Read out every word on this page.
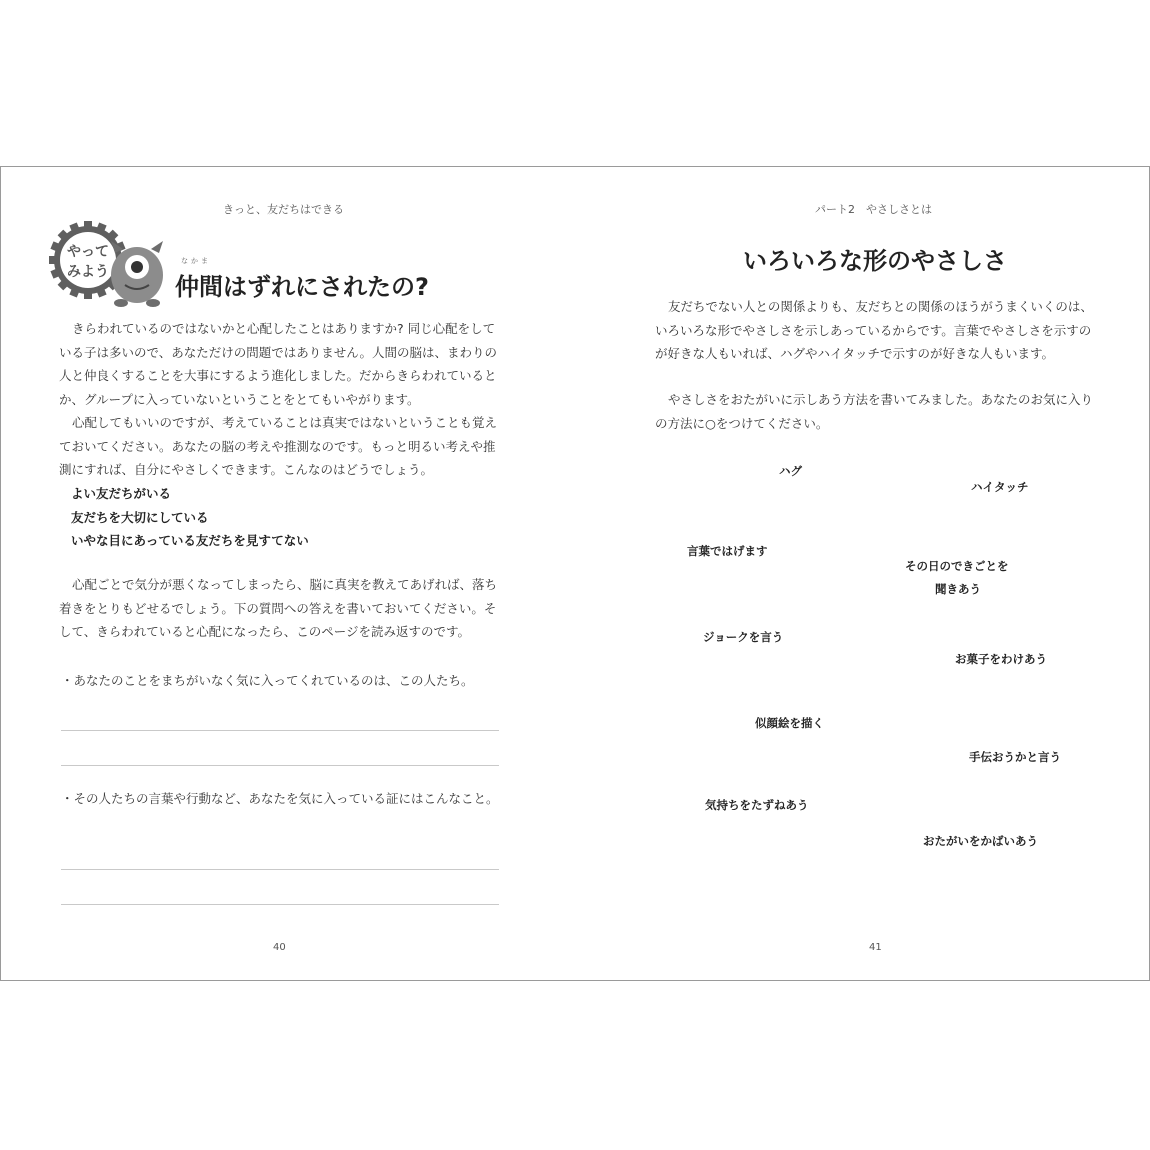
きっと、友だちはできる
やって
みよう
なかま
仲間はずれにされたの?
きらわれているのではないかと心配したことはありますか? 同じ心配をしている子は多いので、あなただけの問題ではありません。人間の脳は、まわりの人と仲良くすることを大事にするよう進化しました。だからきらわれているとか、グループに入っていないということをとてもいやがります。
心配してもいいのですが、考えていることは真実ではないということも覚えておいてください。あなたの脳の考えや推測なのです。もっと明るい考えや推測にすれば、自分にやさしくできます。こんなのはどうでしょう。
よい友だちがいる
友だちを大切にしている
いやな目にあっている友だちを見すてない
心配ごとで気分が悪くなってしまったら、脳に真実を教えてあげれば、落ち着きをとりもどせるでしょう。下の質問への答えを書いておいてください。そして、きらわれていると心配になったら、このページを読み返すのです。
・あなたのことをまちがいなく気に入ってくれているのは、この人たち。
・その人たちの言葉や行動など、あなたを気に入っている証にはこんなこと。
40
パート2　やさしさとは
いろいろな形のやさしさ
友だちでない人との関係よりも、友だちとの関係のほうがうまくいくのは、いろいろな形でやさしさを示しあっているからです。言葉でやさしさを示すのが好きな人もいれば、ハグやハイタッチで示すのが好きな人もいます。
やさしさをおたがいに示しあう方法を書いてみました。あなたのお気に入りの方法に○をつけてください。
ハグ
ハイタッチ
言葉ではげます
その日のできごとを
聞きあう
ジョークを言う
お菓子をわけあう
似顔絵を描く
手伝おうかと言う
気持ちをたずねあう
おたがいをかばいあう
41
